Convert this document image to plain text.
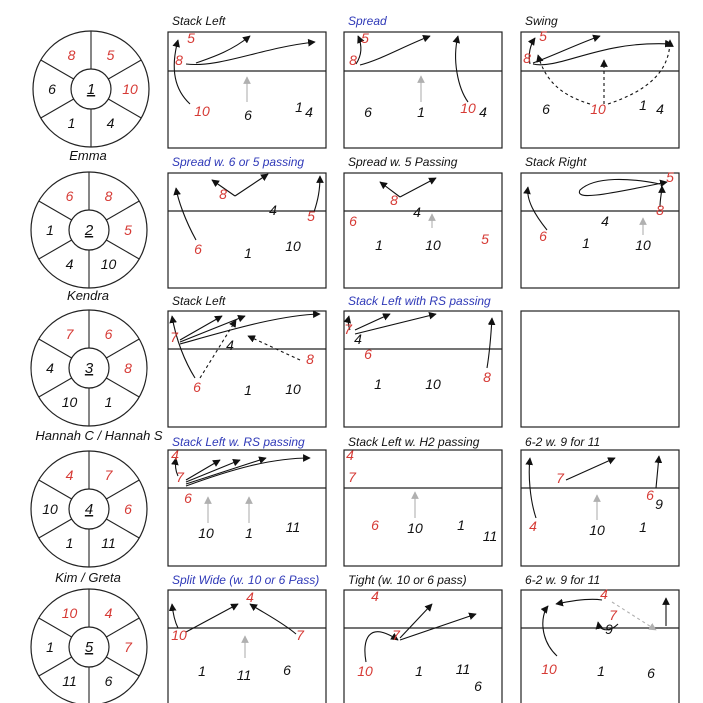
5
10
4
1
6
8
1
8
5
10
4
1
6
2
Emma
6
8
1
10
4
7
3
Kendra
7
6
11
1
10
4
4
Hannah C / Hannah S
4
7
6
11
1
10
5
Kim / Greta
Stack Left	Spread	Swing
Spread w. 6 or 5 passing	Spread w. 5 Passing	Stack Right
Stack Left	Stack Left with RS passing
Stack Left w. RS passing	Stack Left w. H2 passing	6-2 w. 9 for 11
Split Wide (w. 10 or 6 Pass) Tight (w. 10 or 6 pass)	6-2 w. 9 for 11
5
8
10 6	1 4
5
8
6	1	10 4
5
8
6	10 1 4
8
4 5
6	1 10
8
4
6
1	10	5
5
8
4
6	1	10
7	4
8
6	1 10
7
4
6
1	10	8
4
7
6
10 1 11
4
7
6 10 1
11
7
6
9
4	10 1
4
10	7
1 11 6
4
7
10	1 11
6
4
7
9
10	1	6
